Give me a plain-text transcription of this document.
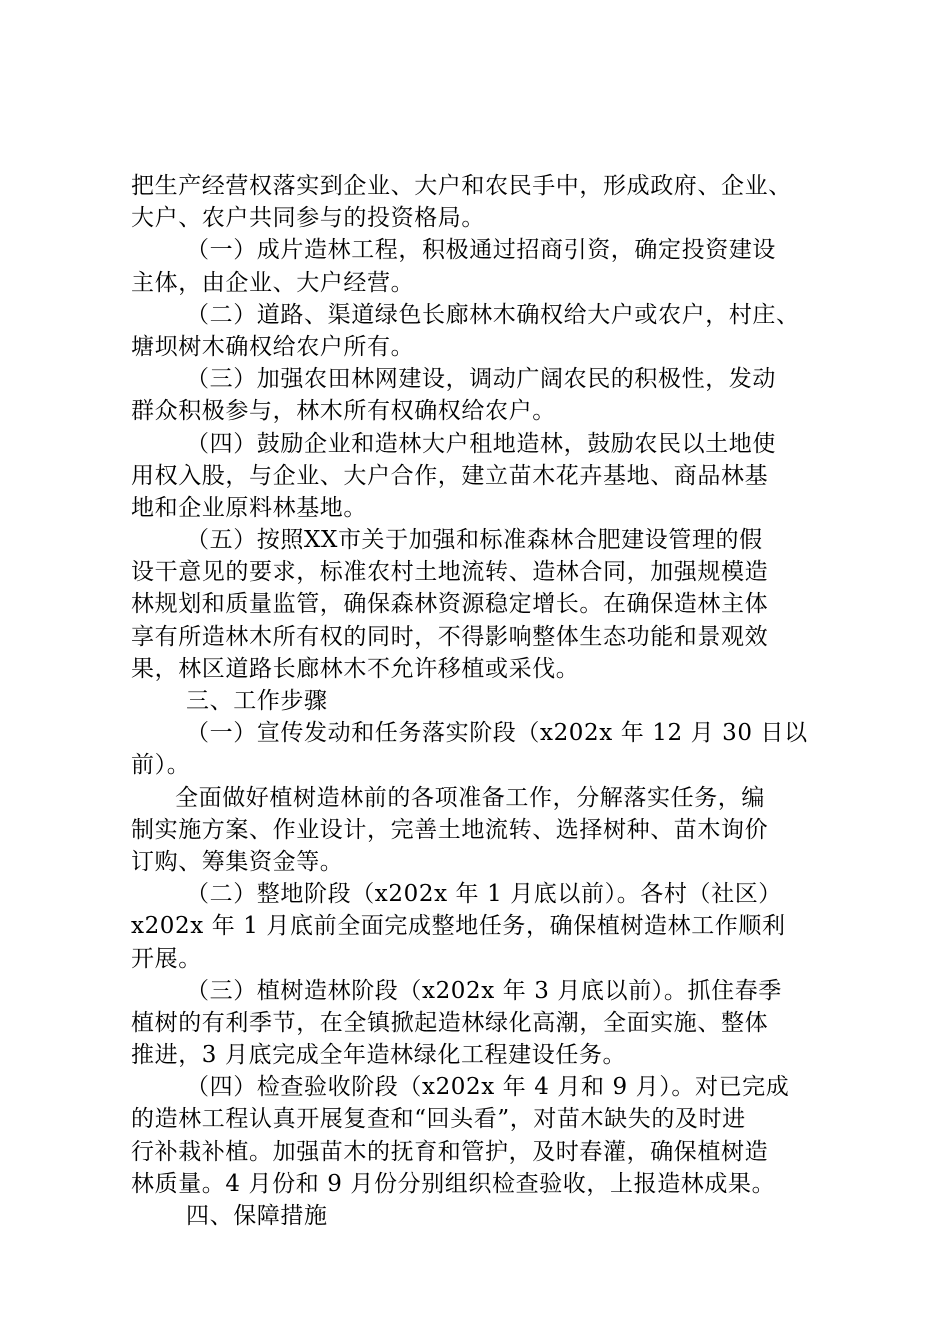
把生产经营权落实到企业、大户和农民手中，形成政府、企业、
大户、农户共同参与的投资格局。
（一）成片造林工程，积极通过招商引资，确定投资建设
主体，由企业、大户经营。
（二）道路、渠道绿色长廊林木确权给大户或农户，村庄、
塘坝树木确权给农户所有。
（三）加强农田林网建设，调动广阔农民的积极性，发动
群众积极参与，林木所有权确权给农户。
（四）鼓励企业和造林大户租地造林，鼓励农民以土地使
用权入股，与企业、大户合作，建立苗木花卉基地、商品林基
地和企业原料林基地。
（五）按照XX市关于加强和标准森林合肥建设管理的假
设干意见的要求，标准农村土地流转、造林合同，加强规模造
林规划和质量监管，确保森林资源稳定增长。在确保造林主体
享有所造林木所有权的同时，不得影响整体生态功能和景观效
果，林区道路长廊林木不允许移植或采伐。
三、工作步骤
（一）宣传发动和任务落实阶段（x202x 年 12 月 30 日以
前）。
全面做好植树造林前的各项准备工作，分解落实任务，编
制实施方案、作业设计，完善土地流转、选择树种、苗木询价
订购、筹集资金等。
（二）整地阶段（x202x 年 1 月底以前）。各村（社区）
x202x 年 1 月底前全面完成整地任务，确保植树造林工作顺利
开展。
（三）植树造林阶段（x202x 年 3 月底以前）。抓住春季
植树的有利季节，在全镇掀起造林绿化高潮，全面实施、整体
推进，3 月底完成全年造林绿化工程建设任务。
（四）检查验收阶段（x202x 年 4 月和 9 月）。对已完成
的造林工程认真开展复查和“回头看”，对苗木缺失的及时进
行补栽补植。加强苗木的抚育和管护，及时春灌，确保植树造
林质量。4 月份和 9 月份分别组织检查验收，上报造林成果。
四、保障措施
